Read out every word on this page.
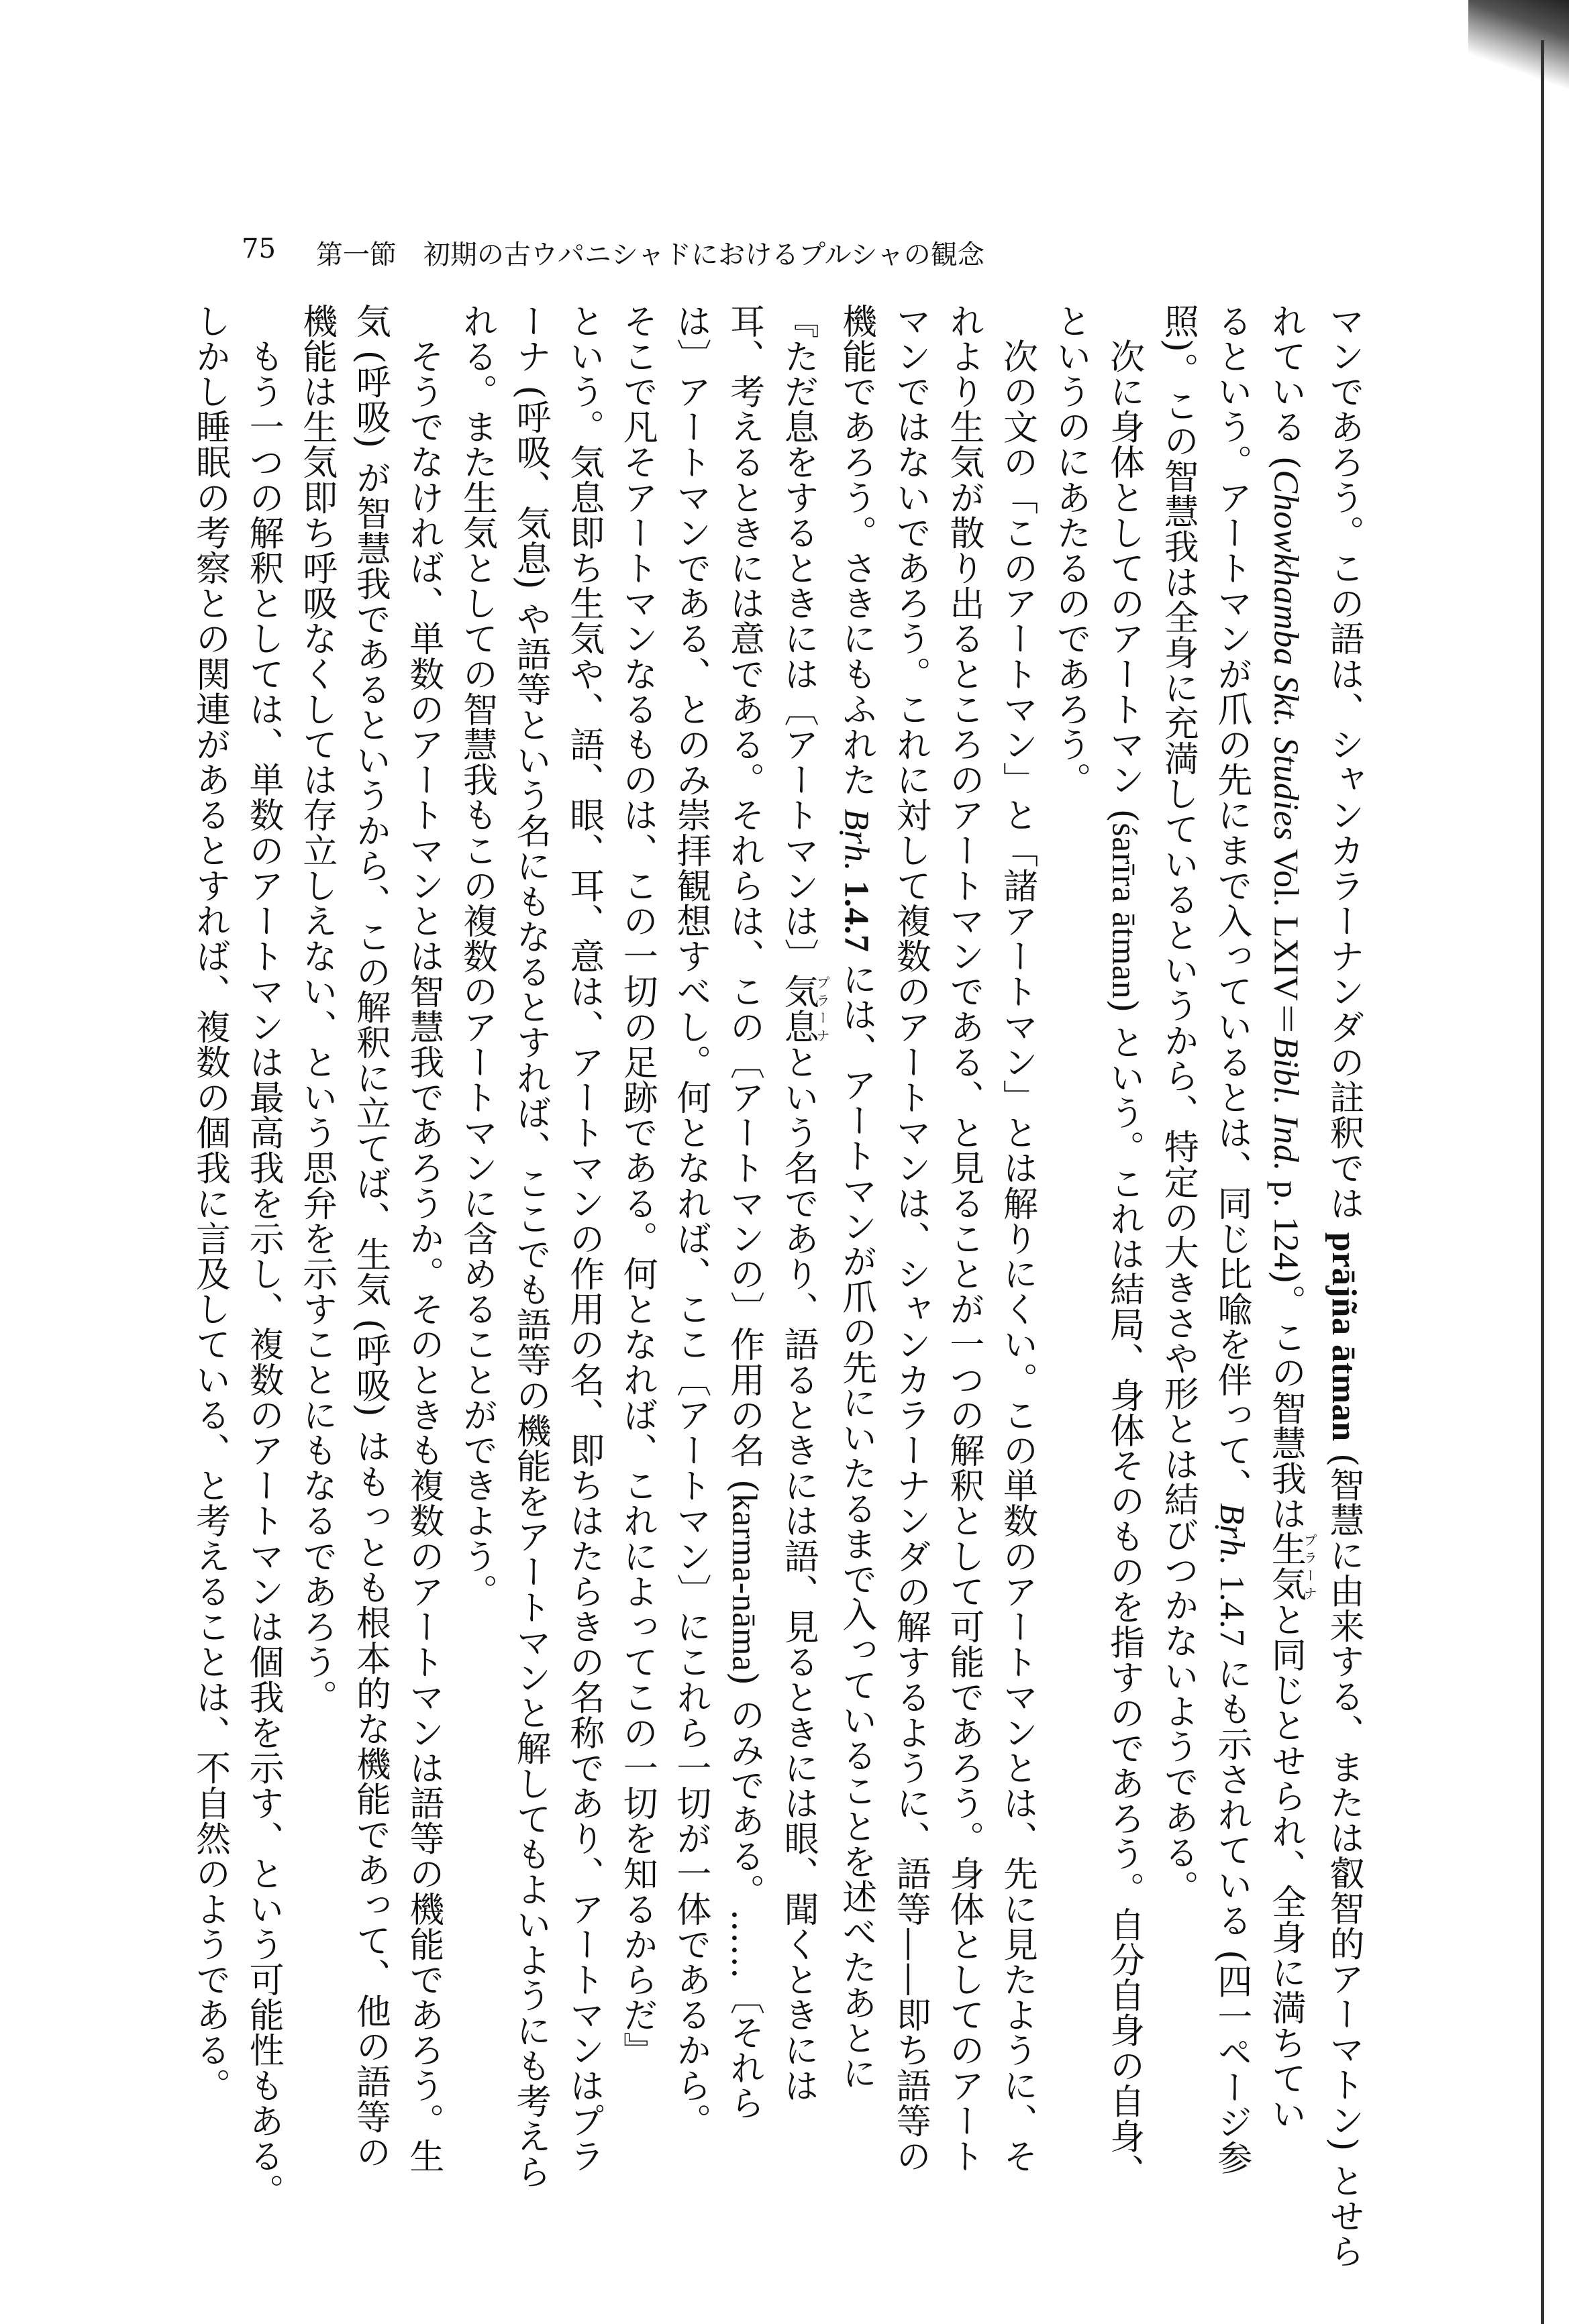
75 第一節　初期の古ウパニシャドにおけるプルシャの観念
マンであろう。この語は、シャンカラーナンダの註釈では prājña ātman (智慧に由来する、または叡智的アーマトン) とせら
れている (Chowkhamba Skt. Studies Vol. LXIV＝Bibl. Ind. p. 124)。この智慧我は生気プラーナと同じとせられ、全身に満ちてい
るという。アートマンが爪の先にまで入っているとは、同じ比喩を伴って、Bṛh. 1.4.7 にも示されている (四一ページ参
照)。この智慧我は全身に充満しているというから、特定の大きさや形とは結びつかないようである。
　次に身体としてのアートマン (śarīra ātman) という。これは結局、身体そのものを指すのであろう。自分自身の自身、
というのにあたるのであろう。
　次の文の「このアートマン」と「諸アートマン」とは解りにくい。この単数のアートマンとは、先に見たように、そ
れより生気が散り出るところのアートマンである、と見ることが一つの解釈として可能であろう。身体としてのアート
マンではないであろう。これに対して複数のアートマンは、シャンカラーナンダの解するように、語等——即ち語等の
機能であろう。さきにもふれた Bṛh. 1.4.7 には、アートマンが爪の先にいたるまで入っていることを述べたあとに
『ただ息をするときには〔アートマンは〕気息プラーナという名であり、語るときには語、見るときには眼、聞くときには
耳、考えるときには意である。それらは、この〔アートマンの〕作用の名 (karma-nāma) のみである。……〔それら
は〕アートマンである、とのみ崇拝観想すべし。何となれば、ここ〔アートマン〕にこれら一切が一体であるから。
そこで凡そアートマンなるものは、この一切の足跡である。何となれば、これによってこの一切を知るからだ』
という。気息即ち生気や、語、眼、耳、意は、アートマンの作用の名、即ちはたらきの名称であり、アートマンはプラ
ーナ (呼吸、気息) や語等という名にもなるとすれば、ここでも語等の機能をアートマンと解してもよいようにも考えら
れる。また生気としての智慧我もこの複数のアートマンに含めることができよう。
　そうでなければ、単数のアートマンとは智慧我であろうか。そのときも複数のアートマンは語等の機能であろう。生
気 (呼吸) が智慧我であるというから、この解釈に立てば、生気 (呼吸) はもっとも根本的な機能であって、他の語等の
機能は生気即ち呼吸なくしては存立しえない、という思弁を示すことにもなるであろう。
　もう一つの解釈としては、単数のアートマンは最高我を示し、複数のアートマンは個我を示す、という可能性もある。
しかし睡眠の考察との関連があるとすれば、複数の個我に言及している、と考えることは、不自然のようである。
